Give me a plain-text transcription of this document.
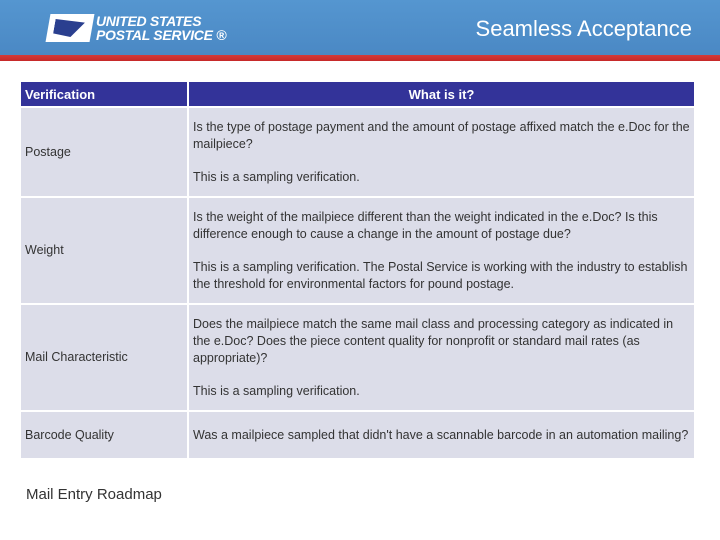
UNITED STATES
POSTAL SERVICE ®	Seamless Acceptance
Verification	What is it?
Postage	Is the type of postage payment and the amount of postage affixed match the e.Doc for the mailpiece?

This is a sampling verification.

Weight	Is the weight of the mailpiece different than the weight indicated in the e.Doc? Is this difference enough to cause a change in the amount of postage due?

This is a sampling verification. The Postal Service is working with the industry to establish the threshold for environmental factors for pound postage.

Mail Characteristic	Does the mailpiece match the same mail class and processing category as indicated in the e.Doc? Does the piece content quality for nonprofit or standard mail rates (as appropriate)?

This is a sampling verification.

Barcode Quality	Was a mailpiece sampled that didn't have a scannable barcode in an automation mailing?

Mail Entry Roadmap
